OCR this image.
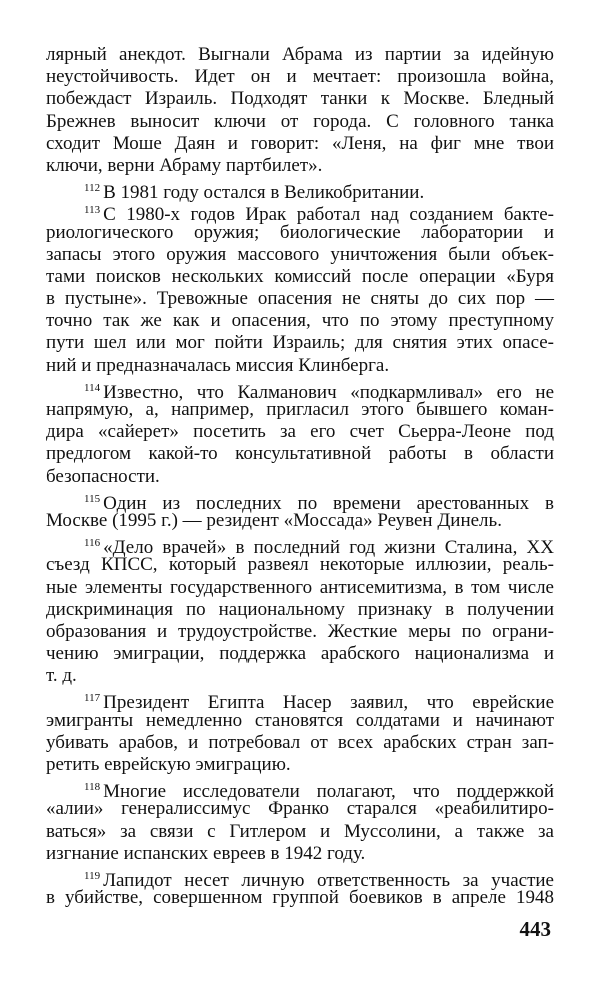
лярный анекдот. Выгнали Абрама из партии за идейную
неустойчивость. Идет он и мечтает: произошла война,
побеждаст Израиль. Подходят танки к Москве. Бледный
Брежнев выносит ключи от города. С головного танка
сходит Моше Даян и говорит: «Леня, на фиг мне твои
ключи, верни Абраму партбилет».
$^{112}$ В 1981 году остался в Великобритании.
$^{113}$ С 1980-х годов Ирак работал над созданием бакте-
риологического оружия; биологические лаборатории и
запасы этого оружия массового уничтожения были объек-
тами поисков нескольких комиссий после операции «Буря
в пустыне». Тревожные опасения не сняты до сих пор —
точно так же как и опасения, что по этому преступному
пути шел или мог пойти Израиль; для снятия этих опасе-
ний и предназначалась миссия Клинберга.
$^{114}$ Известно, что Калманович «подкармливал» его не
напрямую, а, например, пригласил этого бывшего коман-
дира «сайерет» посетить за его счет Сьерра-Леоне под
предлогом какой-то консультативной работы в области
безопасности.
$^{115}$ Один из последних по времени арестованных в
Москве (1995 г.) — резидент «Моссада» Реувен Динель.
$^{116}$ «Дело врачей» в последний год жизни Сталина, XX
съезд КПСС, который развеял некоторые иллюзии, реаль-
ные элементы государственного антисемитизма, в том числе
дискриминация по национальному признаку в получении
образования и трудоустройстве. Жесткие меры по ограни-
чению эмиграции, поддержка арабского национализма и
т. д.
$^{117}$ Президент Египта Насер заявил, что еврейские
эмигранты немедленно становятся солдатами и начинают
убивать арабов, и потребовал от всех арабских стран зап-
ретить еврейскую эмиграцию.
$^{118}$ Многие исследователи полагают, что поддержкой
«алии» генералиссимус Франко старался «реабилитиро-
ваться» за связи с Гитлером и Муссолини, а также за
изгнание испанских евреев в 1942 году.
$^{119}$ Лапидот несет личную ответственность за участие
в убийстве, совершенном группой боевиков в апреле 1948
443
